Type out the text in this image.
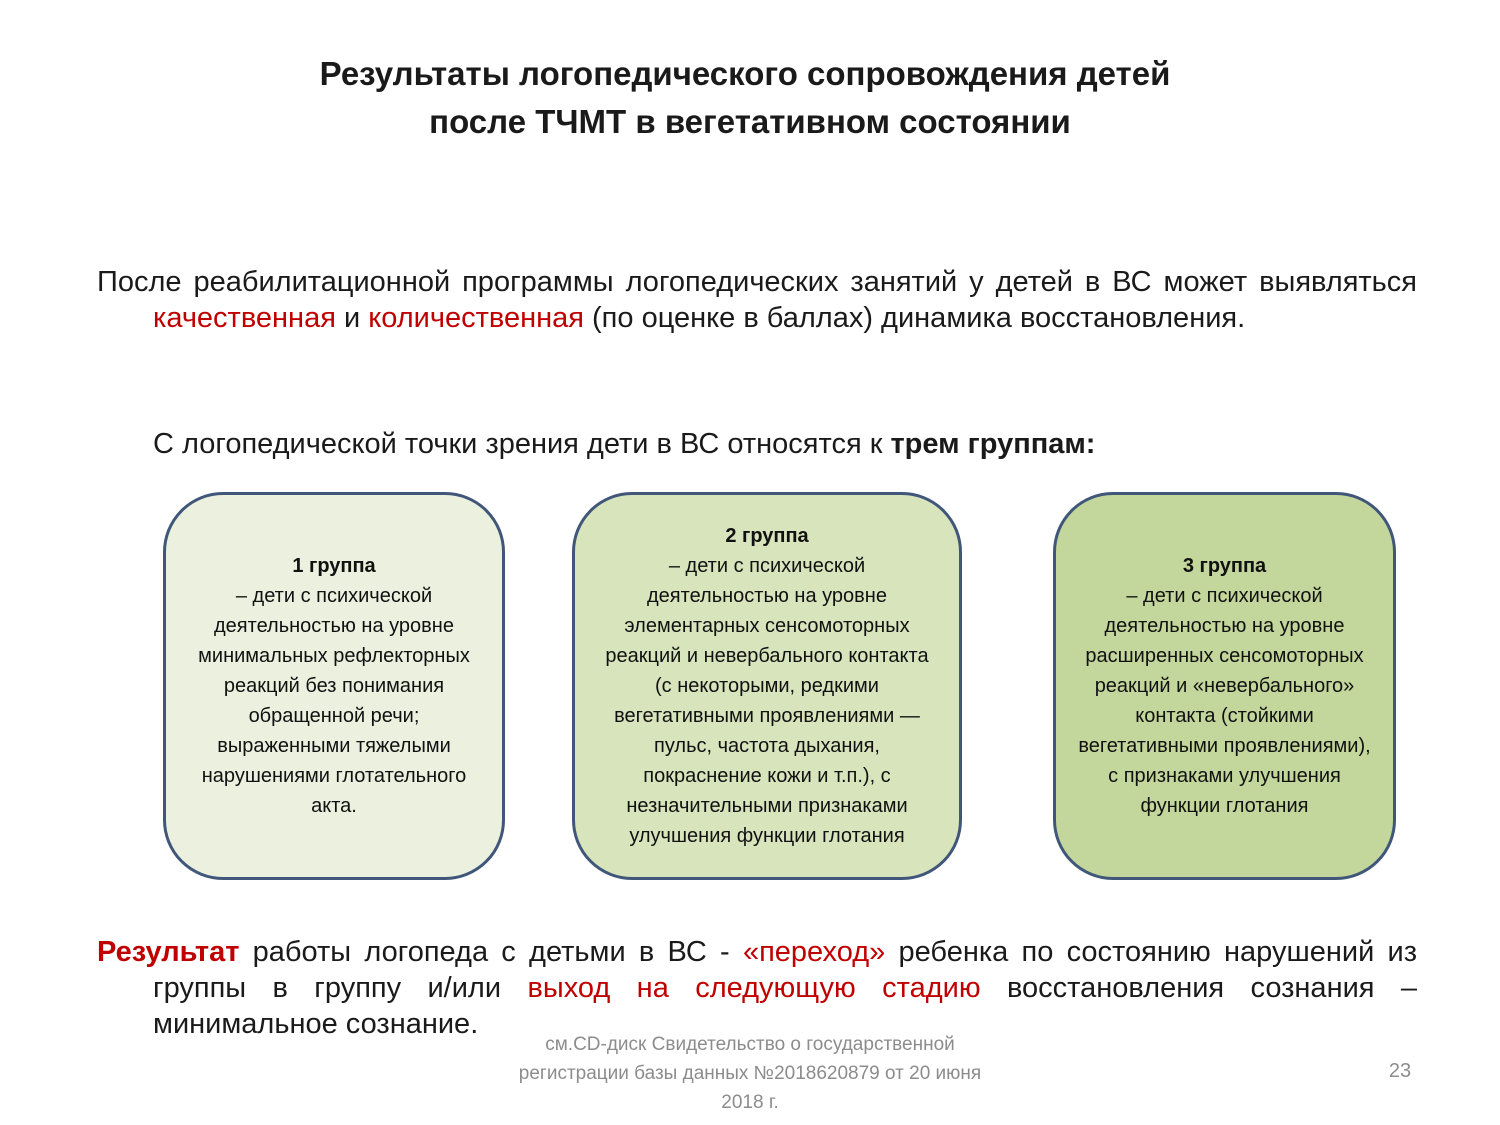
Результаты логопедического сопровождения детей
после ТЧМТ в вегетативном состоянии
После реабилитационной программы логопедических занятий у детей в ВС может выявляться качественная и количественная (по оценке в баллах) динамика восстановления.
С логопедической точки зрения дети в ВС относятся к трем группам:
1 группа
– дети с психической деятельностью на уровне минимальных рефлекторных реакций без понимания обращенной речи; выраженными тяжелыми нарушениями глотательного акта.
2 группа
– дети с психической деятельностью на уровне элементарных сенсомоторных реакций и невербального контакта (с некоторыми, редкими вегетативными проявлениями — пульс, частота дыхания, покраснение кожи и т.п.), с незначительными признаками улучшения функции глотания
3 группа
– дети с психической деятельностью на уровне расширенных сенсомоторных реакций и «невербального» контакта (стойкими вегетативными проявлениями), с признаками улучшения функции глотания
Результат работы логопеда с детьми в ВС - «переход» ребенка по состоянию нарушений из группы в группу и/или выход на следующую стадию восстановления сознания – минимальное сознание.
см.CD-диск Свидетельство о государственной регистрации базы данных №2018620879 от 20 июня 2018 г.
23
